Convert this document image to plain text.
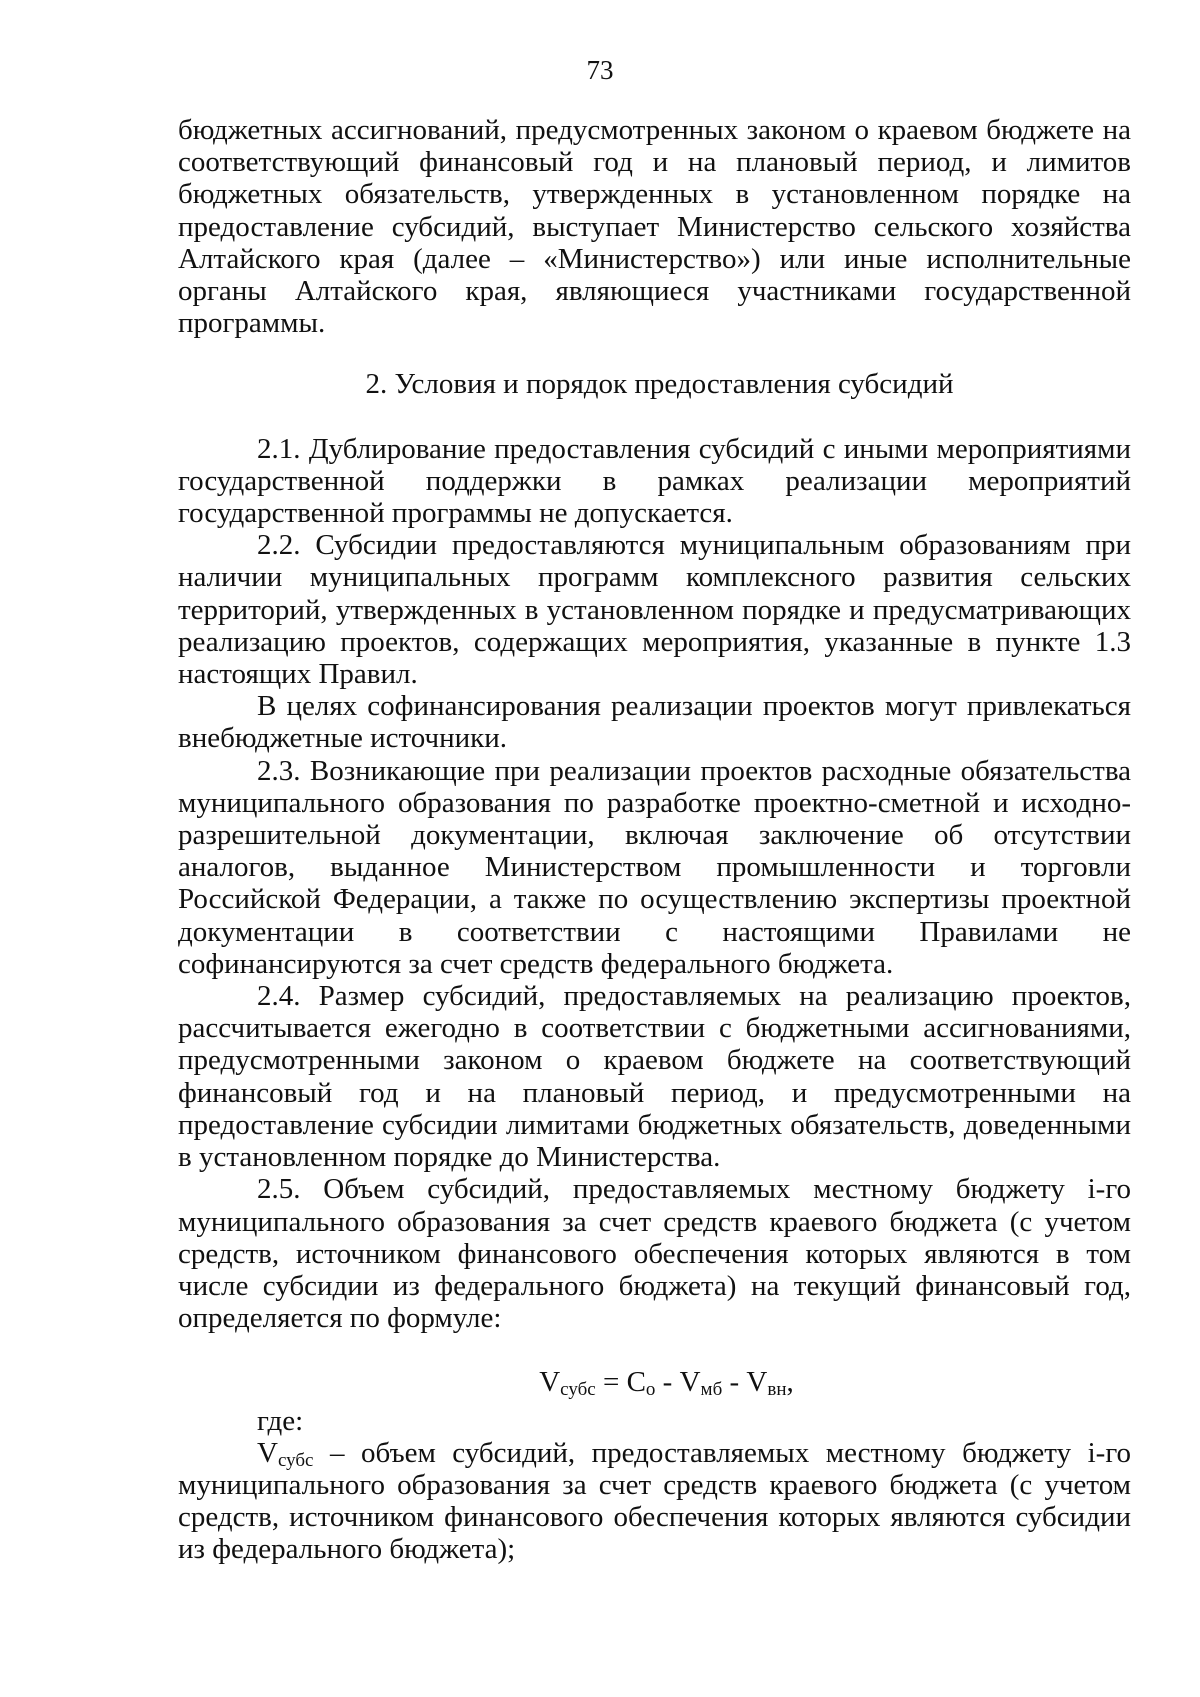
73

бюджетных ассигнований, предусмотренных законом о краевом бюджете на соответствующий финансовый год и на плановый период, и лимитов бюджетных обязательств, утвержденных в установленном порядке на предоставление субсидий, выступает Министерство сельского хозяйства Алтайского края (далее – «Министерство») или иные исполнительные органы Алтайского края, являющиеся участниками государственной программы.

2. Условия и порядок предоставления субсидий

2.1. Дублирование предоставления субсидий с иными мероприятиями государственной поддержки в рамках реализации мероприятий государственной программы не допускается.

2.2. Субсидии предоставляются муниципальным образованиям при наличии муниципальных программ комплексного развития сельских территорий, утвержденных в установленном порядке и предусматривающих реализацию проектов, содержащих мероприятия, указанные в пункте 1.3 настоящих Правил.

В целях софинансирования реализации проектов могут привлекаться внебюджетные источники.

2.3. Возникающие при реализации проектов расходные обязательства муниципального образования по разработке проектно-сметной и исходно-разрешительной документации, включая заключение об отсутствии аналогов, выданное Министерством промышленности и торговли Российской Федерации, а также по осуществлению экспертизы проектной документации в соответствии с настоящими Правилами не софинансируются за счет средств федерального бюджета.

2.4. Размер субсидий, предоставляемых на реализацию проектов, рассчитывается ежегодно в соответствии с бюджетными ассигнованиями, предусмотренными законом о краевом бюджете на соответствующий финансовый год и на плановый период, и предусмотренными на предоставление субсидии лимитами бюджетных обязательств, доведенными в установленном порядке до Министерства.

2.5. Объем субсидий, предоставляемых местному бюджету i-го муниципального образования за счет средств краевого бюджета (с учетом средств, источником финансового обеспечения которых являются в том числе субсидии из федерального бюджета) на текущий финансовый год, определяется по формуле:

$V_{субс} = C_о - V_{мб} - V_{вн}$,

где:

$V_{субс}$ – объем субсидий, предоставляемых местному бюджету i-го муниципального образования за счет средств краевого бюджета (с учетом средств, источником финансового обеспечения которых являются субсидии из федерального бюджета);
